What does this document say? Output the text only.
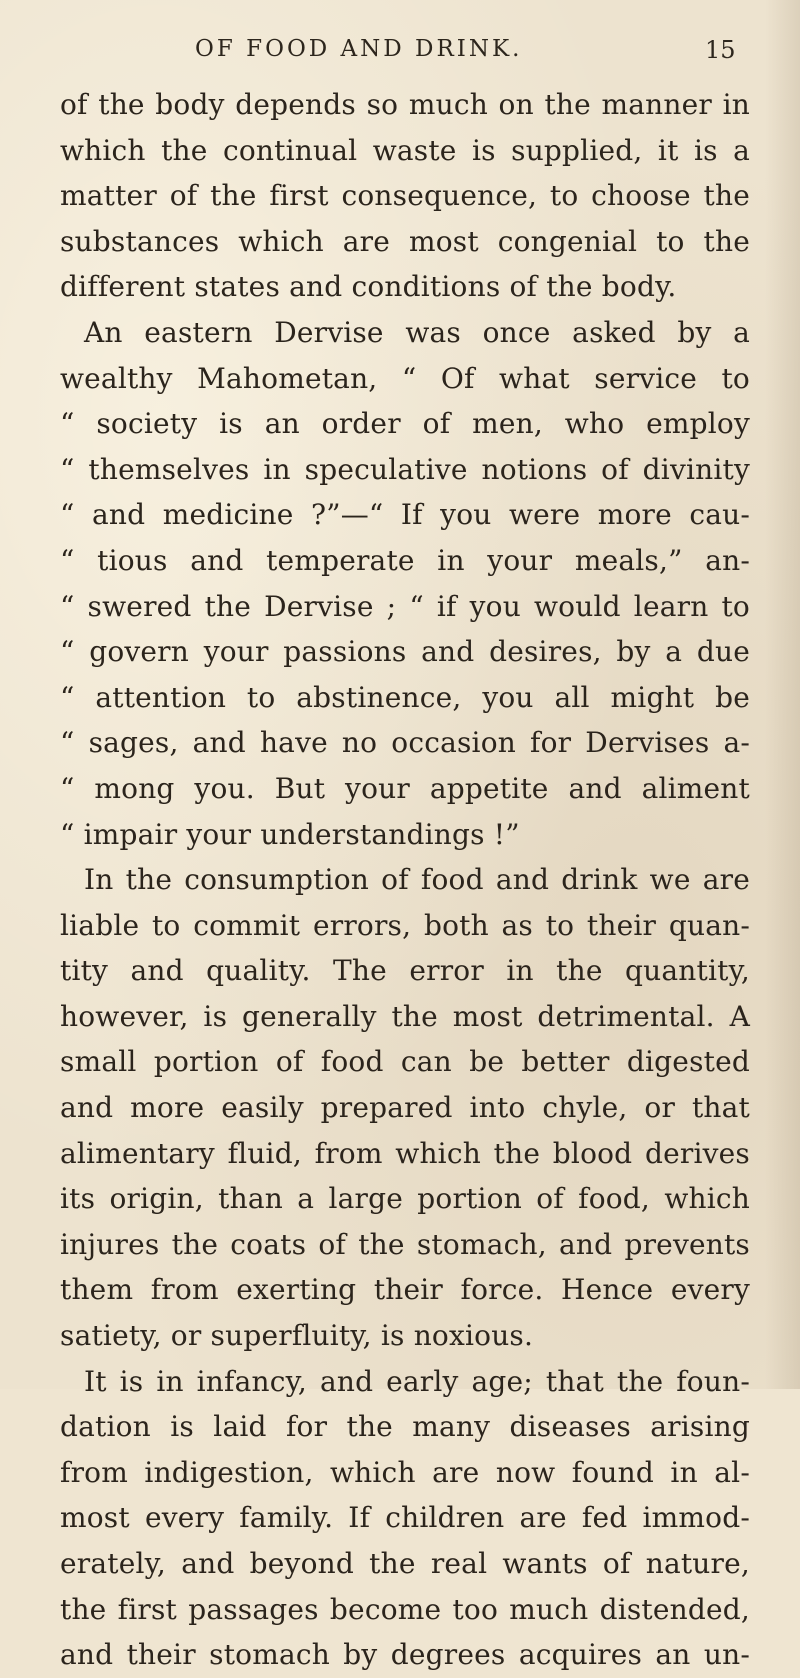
OF FOOD AND DRINK.	15
of the body depends so much on the manner in
which the continual waste is supplied, it is a
matter of the first consequence, to choose the
substances which are most congenial to the
different states and conditions of the body.
An eastern Dervise was once asked by a
wealthy Mahometan, “ Of what service to
“ society is an order of men, who employ
“ themselves in speculative notions of divinity
“ and medicine ?”—“ If you were more cau-
“ tious and temperate in your meals,” an-
“ swered the Dervise ; “ if you would learn to
“ govern your passions and desires, by a due
“ attention to abstinence, you all might be
“ sages, and have no occasion for Dervises a-
“ mong you. But your appetite and aliment
“ impair your understandings !”
In the consumption of food and drink we are
liable to commit errors, both as to their quan-
tity and quality. The error in the quantity,
however, is generally the most detrimental. A
small portion of food can be better digested
and more easily prepared into chyle, or that
alimentary fluid, from which the blood derives
its origin, than a large portion of food, which
injures the coats of the stomach, and prevents
them from exerting their force. Hence every
satiety, or superfluity, is noxious.
It is in infancy, and early age; that the foun-
dation is laid for the many diseases arising
from indigestion, which are now found in al-
most every family. If children are fed immod-
erately, and beyond the real wants of nature,
the first passages become too much distended,
and their stomach by degrees acquires an un-
